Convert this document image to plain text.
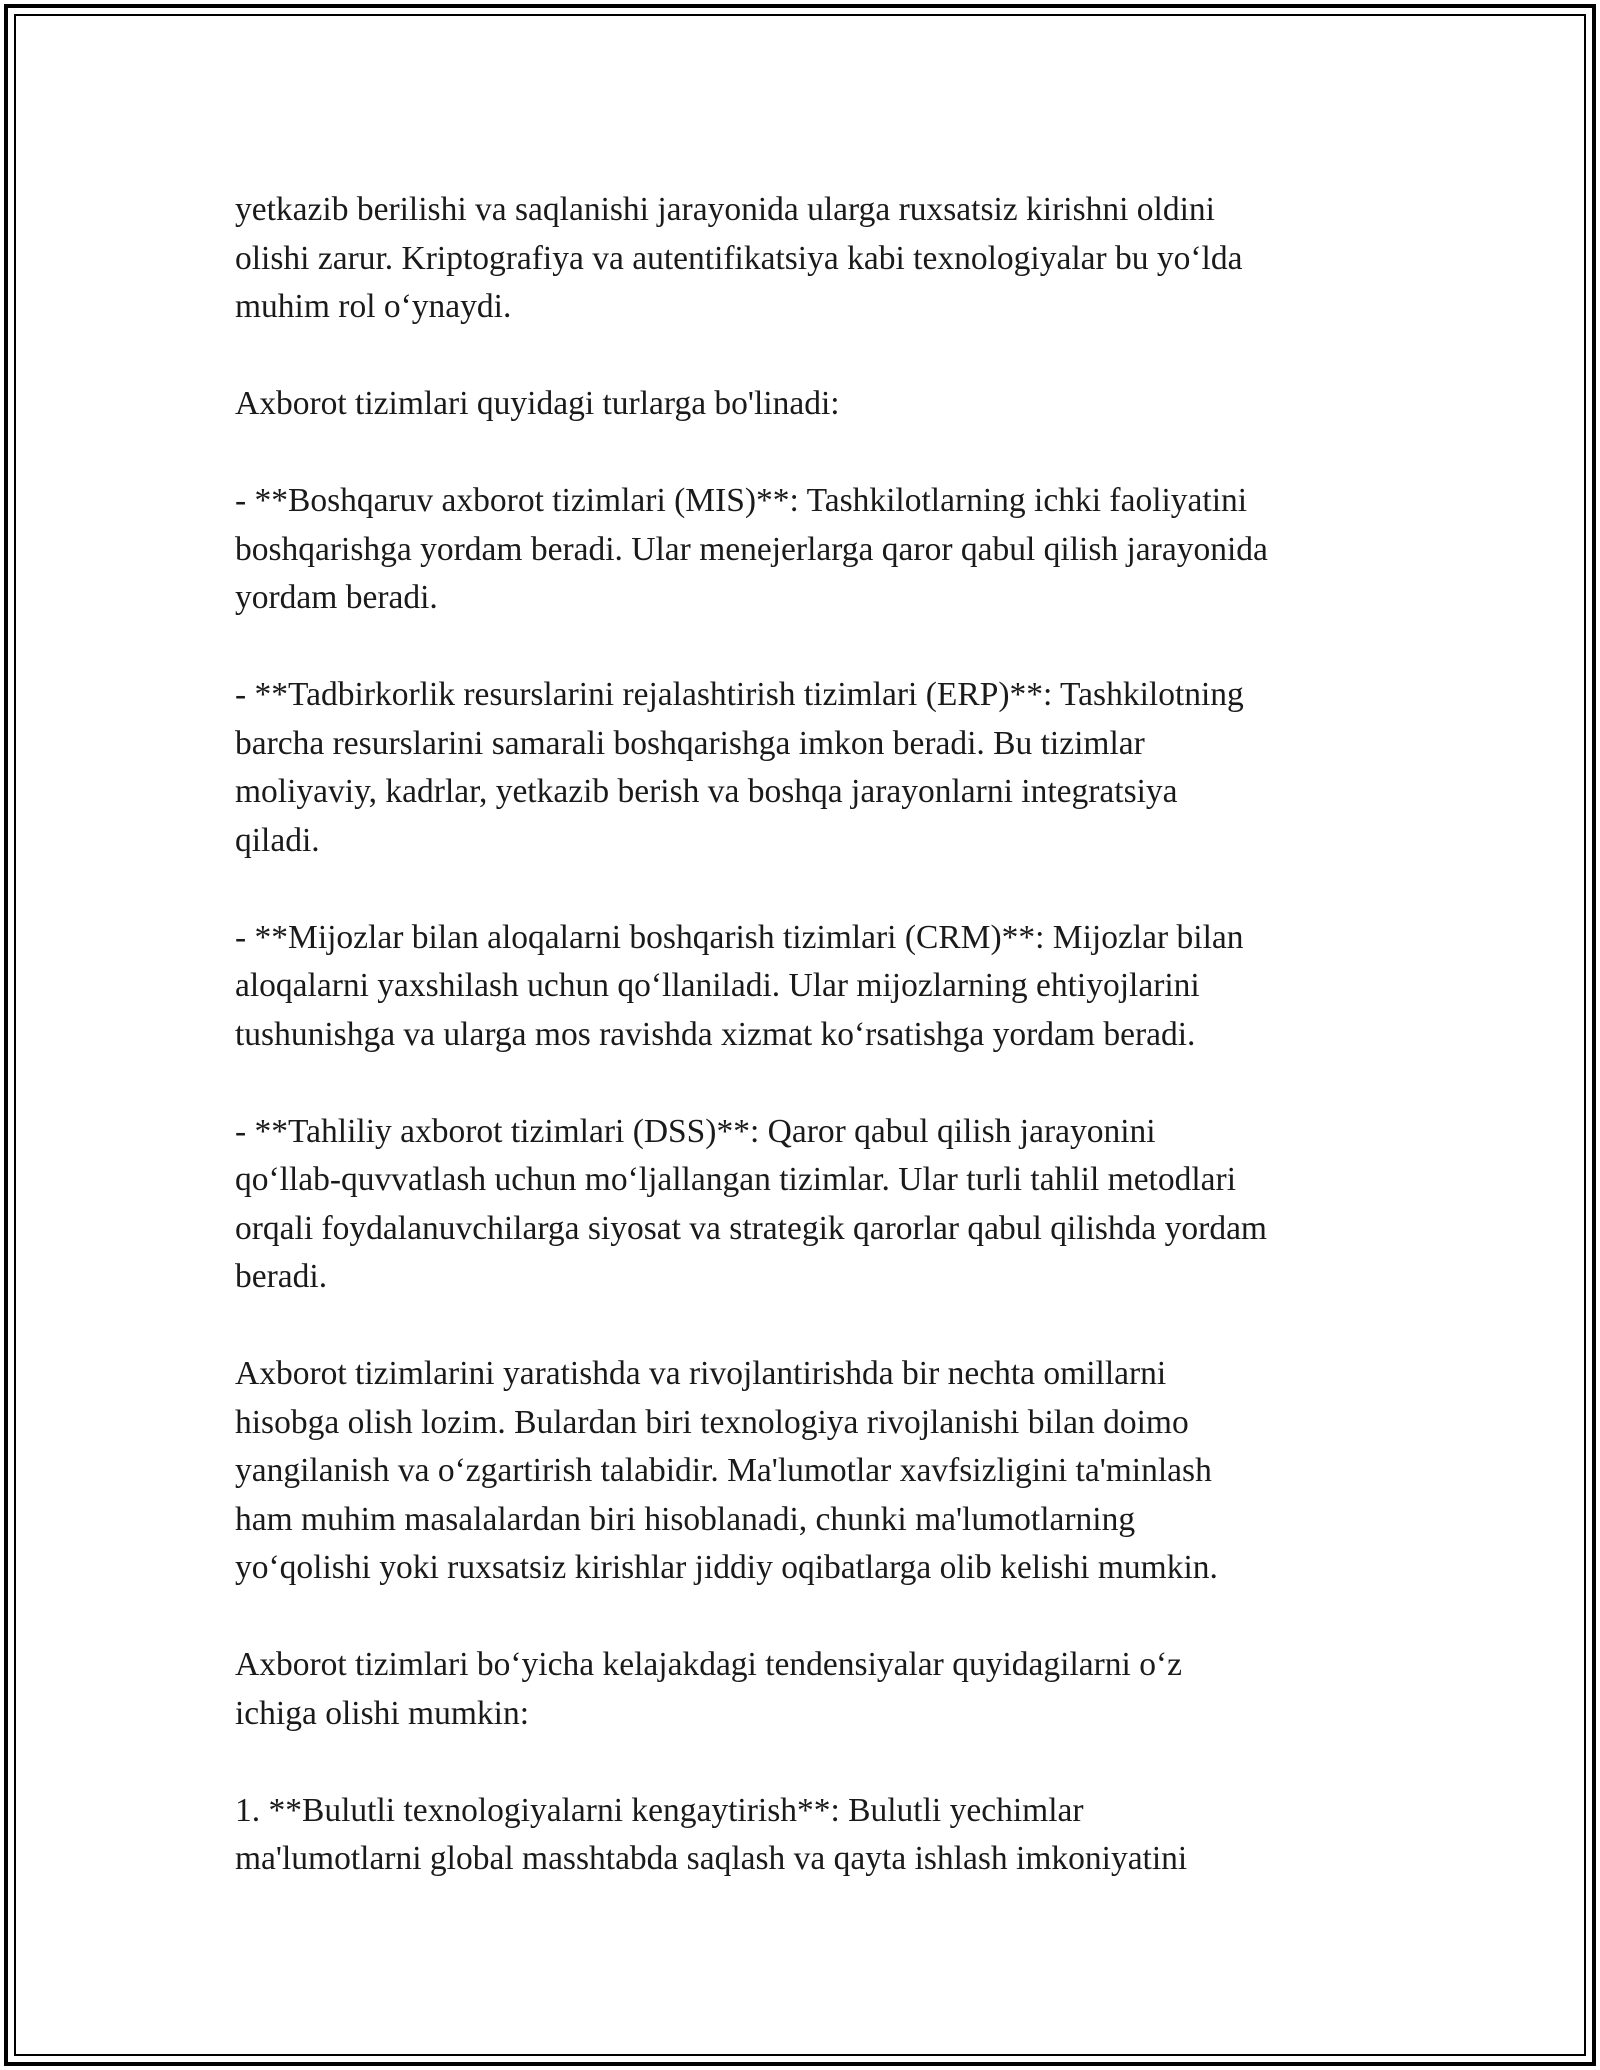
yetkazib berilishi va saqlanishi jarayonida ularga ruxsatsiz kirishni oldini
olishi zarur. Kriptografiya va autentifikatsiya kabi texnologiyalar bu yo‘lda
muhim rol o‘ynaydi.

Axborot tizimlari quyidagi turlarga bo'linadi:

- **Boshqaruv axborot tizimlari (MIS)**: Tashkilotlarning ichki faoliyatini
boshqarishga yordam beradi. Ular menejerlarga qaror qabul qilish jarayonida
yordam beradi.

- **Tadbirkorlik resurslarini rejalashtirish tizimlari (ERP)**: Tashkilotning
barcha resurslarini samarali boshqarishga imkon beradi. Bu tizimlar
moliyaviy, kadrlar, yetkazib berish va boshqa jarayonlarni integratsiya
qiladi.

- **Mijozlar bilan aloqalarni boshqarish tizimlari (CRM)**: Mijozlar bilan
aloqalarni yaxshilash uchun qo‘llaniladi. Ular mijozlarning ehtiyojlarini
tushunishga va ularga mos ravishda xizmat ko‘rsatishga yordam beradi.

- **Tahliliy axborot tizimlari (DSS)**: Qaror qabul qilish jarayonini
qo‘llab-quvvatlash uchun mo‘ljallangan tizimlar. Ular turli tahlil metodlari
orqali foydalanuvchilarga siyosat va strategik qarorlar qabul qilishda yordam
beradi.

Axborot tizimlarini yaratishda va rivojlantirishda bir nechta omillarni
hisobga olish lozim. Bulardan biri texnologiya rivojlanishi bilan doimo
yangilanish va o‘zgartirish talabidir. Ma'lumotlar xavfsizligini ta'minlash
ham muhim masalalardan biri hisoblanadi, chunki ma'lumotlarning
yo‘qolishi yoki ruxsatsiz kirishlar jiddiy oqibatlarga olib kelishi mumkin.

Axborot tizimlari bo‘yicha kelajakdagi tendensiyalar quyidagilarni o‘z
ichiga olishi mumkin:

1. **Bulutli texnologiyalarni kengaytirish**: Bulutli yechimlar
ma'lumotlarni global masshtabda saqlash va qayta ishlash imkoniyatini
